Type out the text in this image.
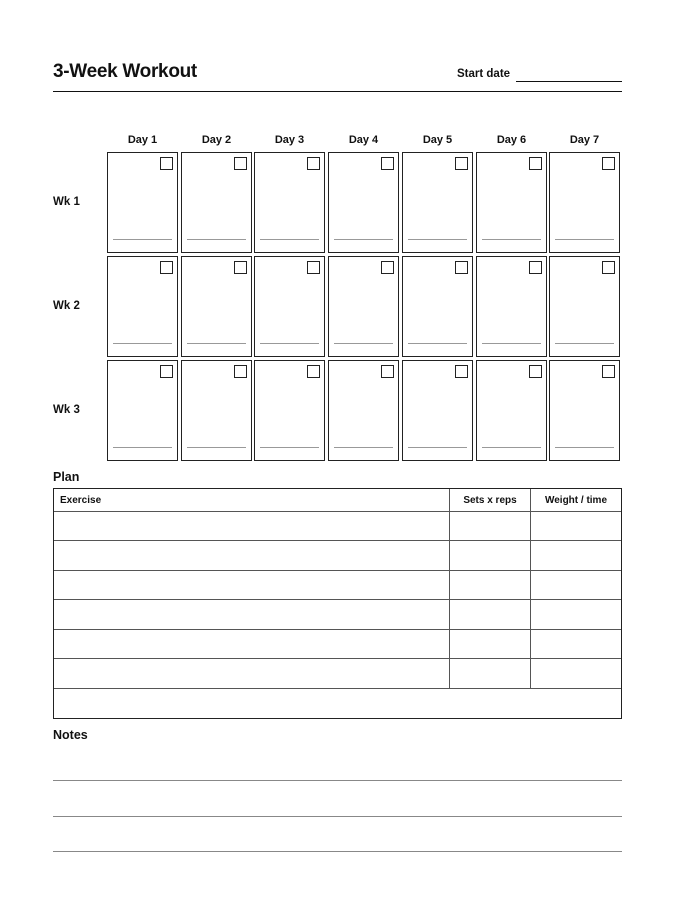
3-Week Workout	Start date
Day 1	Day 2	Day 3	Day 4	Day 5	Day 6	Day 7
Wk 1
Wk 2
Wk 3
Plan
Exercise	Sets x reps	Weight / time
Notes
